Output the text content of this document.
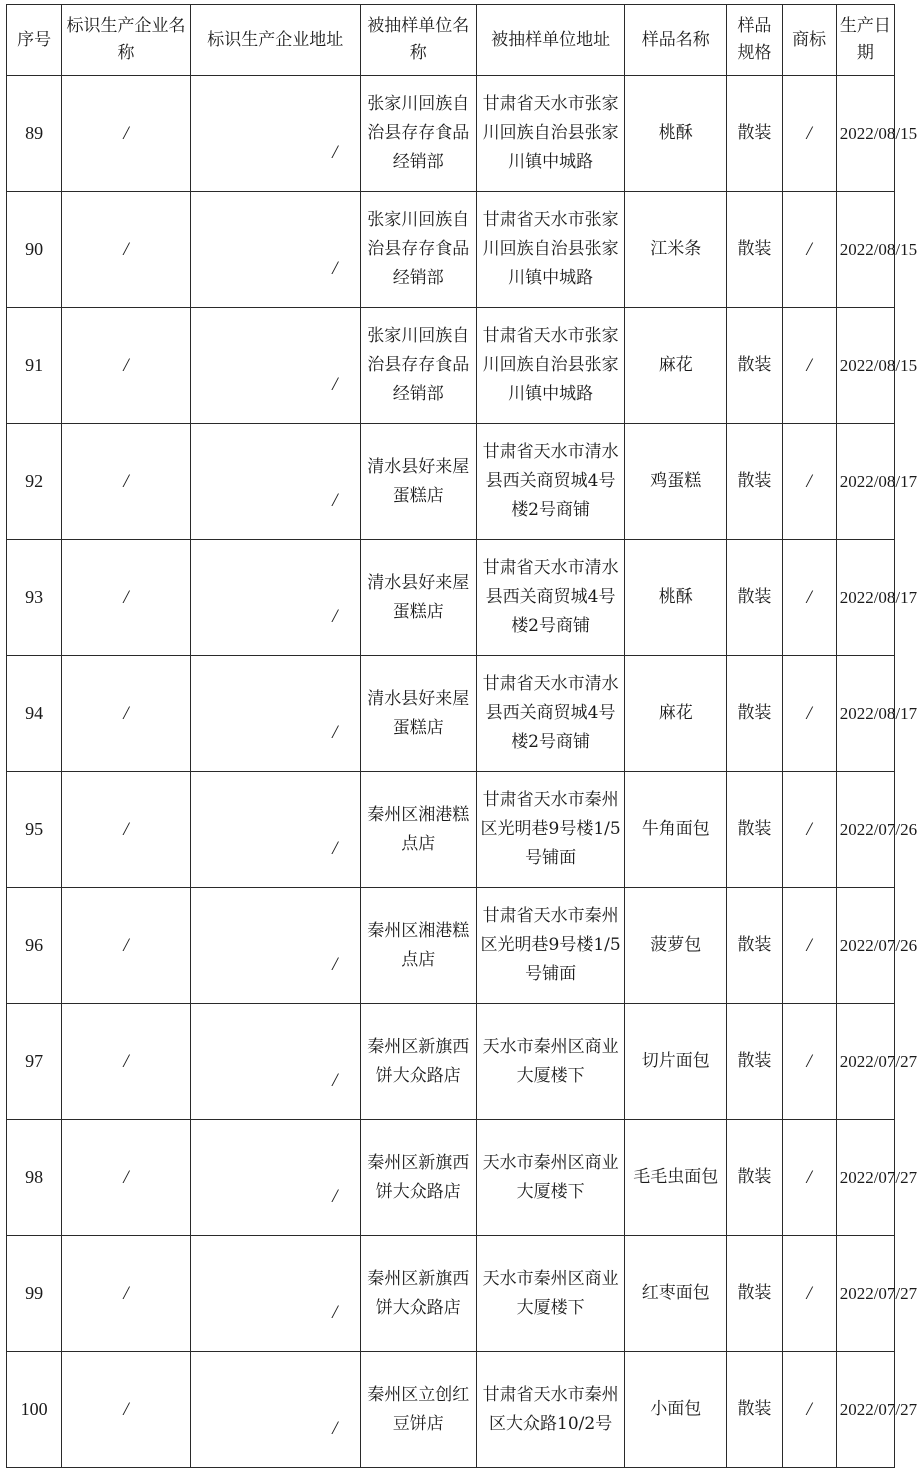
序号	标识生产企业名称	标识生产企业地址	被抽样单位名称	被抽样单位地址	样品名称	样品规格	商标	生产日期
89	/	/	张家川回族自治县存存食品经销部	甘肃省天水市张家川回族自治县张家川镇中城路	桃酥	散装	/	2022/08/15
90	/	/	张家川回族自治县存存食品经销部	甘肃省天水市张家川回族自治县张家川镇中城路	江米条	散装	/	2022/08/15
91	/	/	张家川回族自治县存存食品经销部	甘肃省天水市张家川回族自治县张家川镇中城路	麻花	散装	/	2022/08/15
92	/	/	清水县好来屋蛋糕店	甘肃省天水市清水县西关商贸城4号楼2号商铺	鸡蛋糕	散装	/	2022/08/17
93	/	/	清水县好来屋蛋糕店	甘肃省天水市清水县西关商贸城4号楼2号商铺	桃酥	散装	/	2022/08/17
94	/	/	清水县好来屋蛋糕店	甘肃省天水市清水县西关商贸城4号楼2号商铺	麻花	散装	/	2022/08/17
95	/	/	秦州区湘港糕点店	甘肃省天水市秦州区光明巷9号楼1/5号铺面	牛角面包	散装	/	2022/07/26
96	/	/	秦州区湘港糕点店	甘肃省天水市秦州区光明巷9号楼1/5号铺面	菠萝包	散装	/	2022/07/26
97	/	/	秦州区新旗西饼大众路店	天水市秦州区商业大厦楼下	切片面包	散装	/	2022/07/27
98	/	/	秦州区新旗西饼大众路店	天水市秦州区商业大厦楼下	毛毛虫面包	散装	/	2022/07/27
99	/	/	秦州区新旗西饼大众路店	天水市秦州区商业大厦楼下	红枣面包	散装	/	2022/07/27
100	/	/	秦州区立创红豆饼店	甘肃省天水市秦州区大众路10/2号	小面包	散装	/	2022/07/27
